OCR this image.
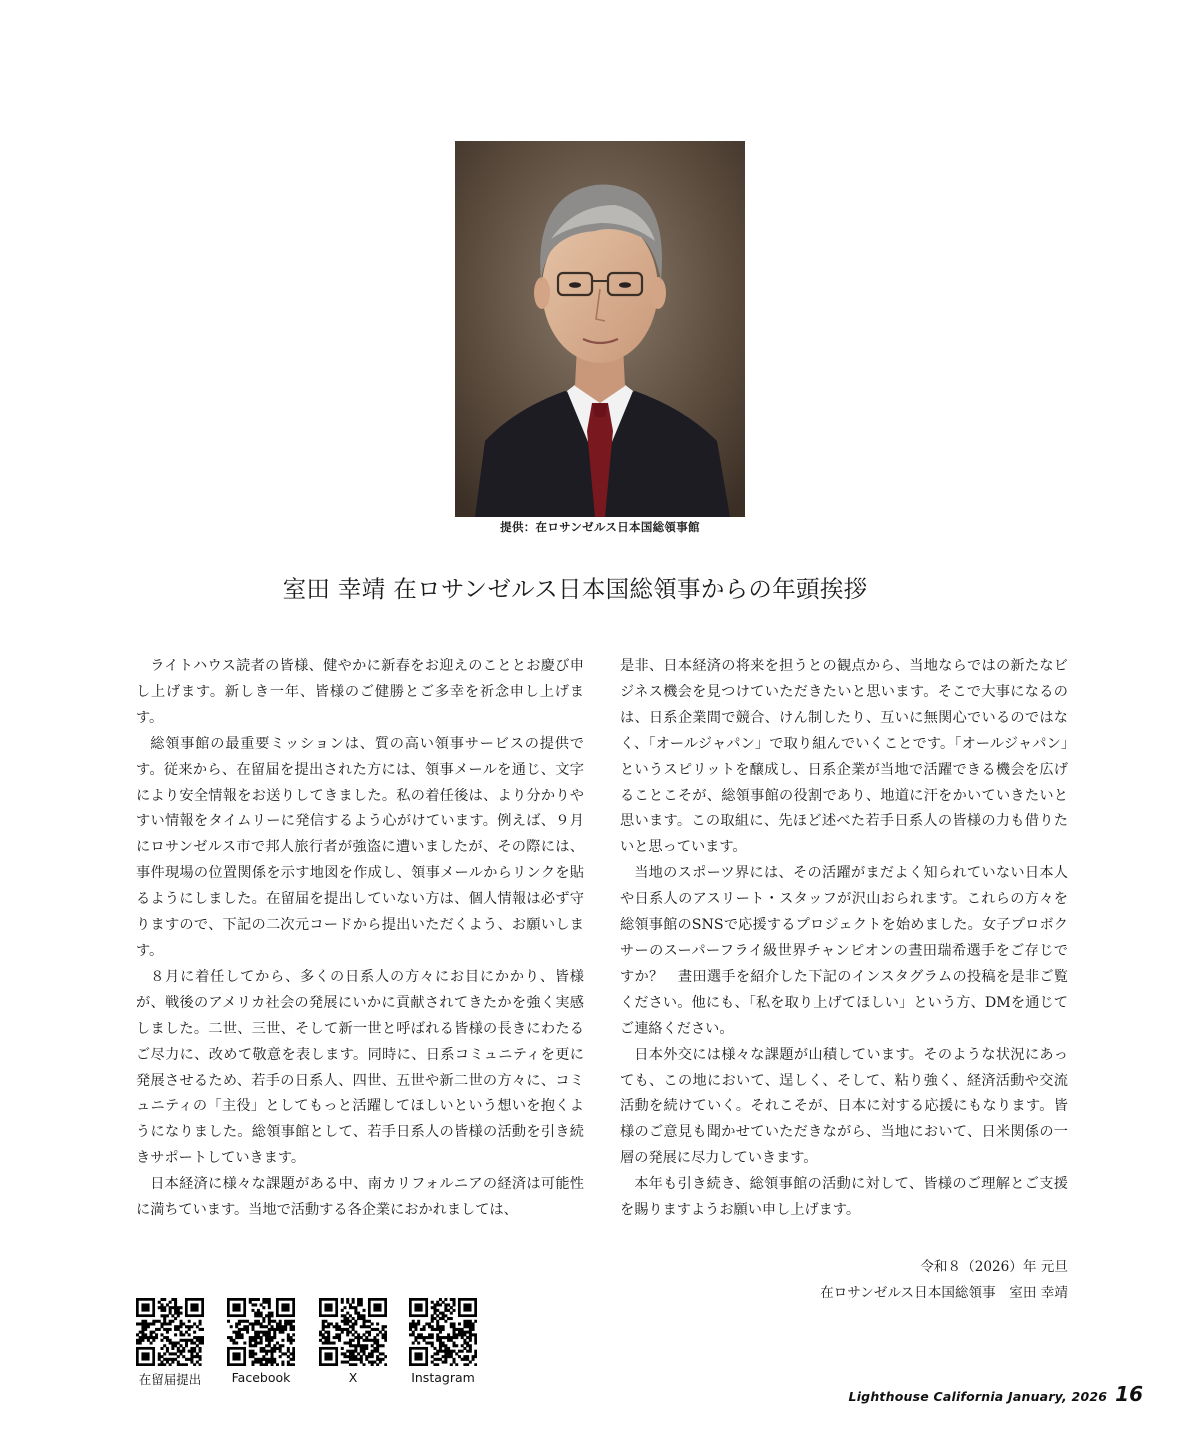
提供：在ロサンゼルス日本国総領事館
室田 幸靖 在ロサンゼルス日本国総領事からの年頭挨拶

ライトハウス読者の皆様、健やかに新春をお迎えのこととお慶び申し上げます。新しき一年、皆様のご健勝とご多幸を祈念申し上げます。

総領事館の最重要ミッションは、質の高い領事サービスの提供です。従来から、在留届を提出された方には、領事メールを通じ、文字により安全情報をお送りしてきました。私の着任後は、より分かりやすい情報をタイムリーに発信するよう心がけています。例えば、９月にロサンゼルス市で邦人旅行者が強盗に遭いましたが、その際には、事件現場の位置関係を示す地図を作成し、領事メールからリンクを貼るようにしました。在留届を提出していない方は、個人情報は必ず守りますので、下記の二次元コードから提出いただくよう、お願いします。

８月に着任してから、多くの日系人の方々にお目にかかり、皆様が、戦後のアメリカ社会の発展にいかに貢献されてきたかを強く実感しました。二世、三世、そして新一世と呼ばれる皆様の長きにわたるご尽力に、改めて敬意を表します。同時に、日系コミュニティを更に発展させるため、若手の日系人、四世、五世や新二世の方々に、コミュニティの「主役」としてもっと活躍してほしいという想いを抱くようになりました。総領事館として、若手日系人の皆様の活動を引き続きサポートしていきます。

日本経済に様々な課題がある中、南カリフォルニアの経済は可能性に満ちています。当地で活動する各企業におかれましては、

是非、日本経済の将来を担うとの観点から、当地ならではの新たなビジネス機会を見つけていただきたいと思います。そこで大事になるのは、日系企業間で競合、けん制したり、互いに無関心でいるのではなく、「オールジャパン」で取り組んでいくことです。「オールジャパン」というスピリットを醸成し、日系企業が当地で活躍できる機会を広げることこそが、総領事館の役割であり、地道に汗をかいていきたいと思います。この取組に、先ほど述べた若手日系人の皆様の力も借りたいと思っています。

当地のスポーツ界には、その活躍がまだよく知られていない日本人や日系人のアスリート・スタッフが沢山おられます。これらの方々を総領事館のSNSで応援するプロジェクトを始めました。女子プロボクサーのスーパーフライ級世界チャンピオンの晝田瑞希選手をご存じですか？　晝田選手を紹介した下記のインスタグラムの投稿を是非ご覧ください。他にも、「私を取り上げてほしい」という方、DMを通じてご連絡ください。

日本外交には様々な課題が山積しています。そのような状況にあっても、この地において、逞しく、そして、粘り強く、経済活動や交流活動を続けていく。それこそが、日本に対する応援にもなります。皆様のご意見も聞かせていただきながら、当地において、日米関係の一層の発展に尽力していきます。

本年も引き続き、総領事館の活動に対して、皆様のご理解とご支援を賜りますようお願い申し上げます。

令和８（2026）年 元旦
在ロサンゼルス日本国総領事　室田 幸靖
在留届提出	Facebook	X	Instagram
Lighthouse California January, 2026 16
